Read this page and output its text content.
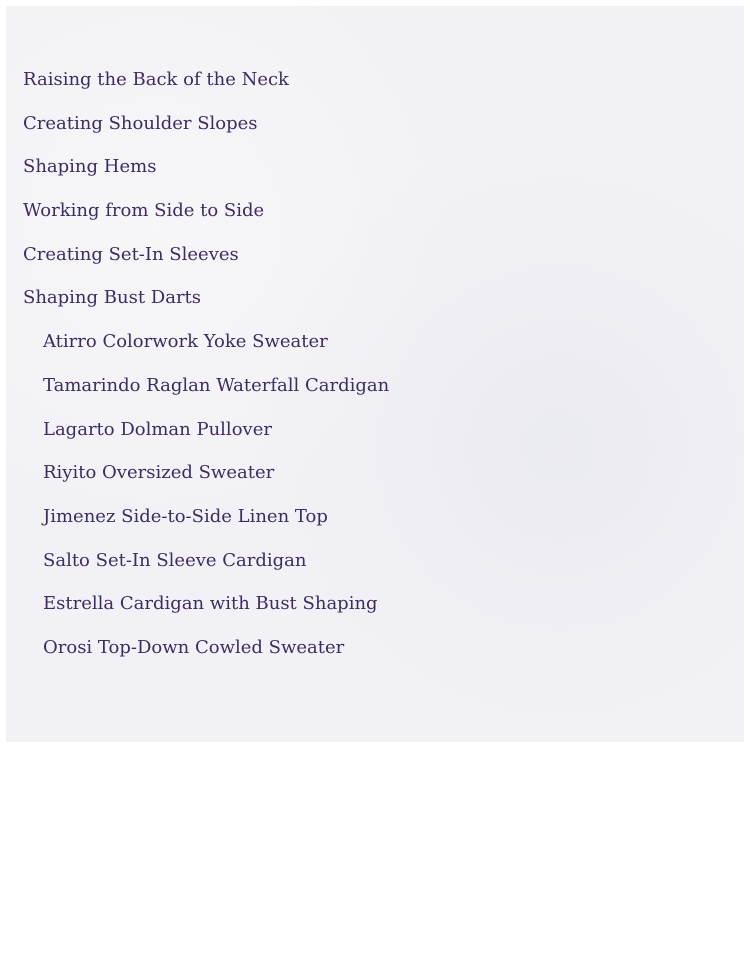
Raising the Back of the Neck
Creating Shoulder Slopes
Shaping Hems
Working from Side to Side
Creating Set-In Sleeves
Shaping Bust Darts
Atirro Colorwork Yoke Sweater
Tamarindo Raglan Waterfall Cardigan
Lagarto Dolman Pullover
Riyito Oversized Sweater
Jimenez Side-to-Side Linen Top
Salto Set-In Sleeve Cardigan
Estrella Cardigan with Bust Shaping
Orosi Top-Down Cowled Sweater
